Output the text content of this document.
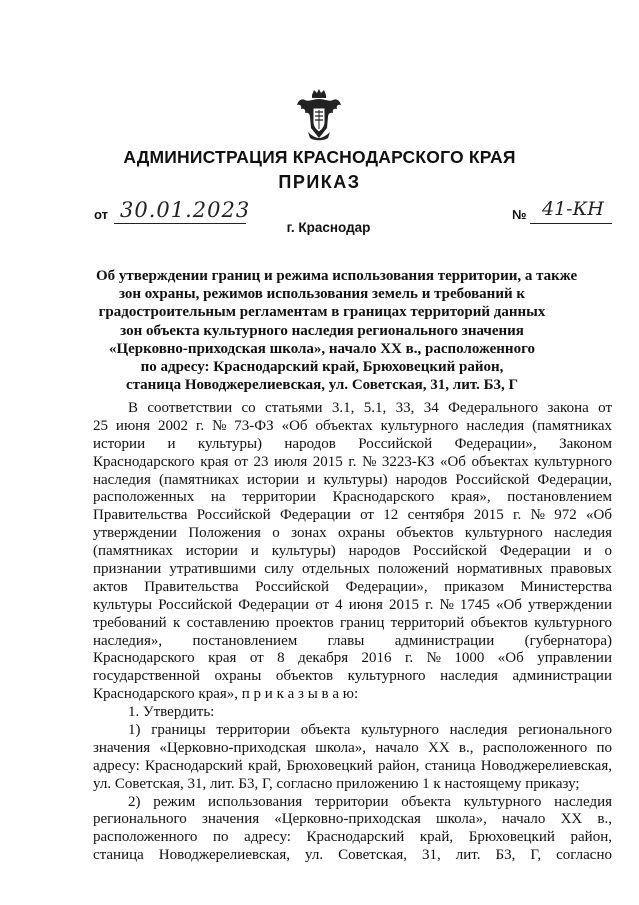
АДМИНИСТРАЦИЯ КРАСНОДАРСКОГО КРАЯ
ПРИКАЗ
от 30.01.2023	№ 41-КН
г. Краснодар
Об утверждении границ и режима использования территории, а также
зон охраны, режимов использования земель и требований к
градостроительным регламентам в границах территорий данных
зон объекта культурного наследия регионального значения
«Церковно-приходская школа», начало XX в., расположенного
по адресу: Краснодарский край, Брюховецкий район,
станица Новоджерелиевская, ул. Советская, 31, лит. Б3, Г
В соответствии со статьями 3.1, 5.1, 33, 34 Федерального закона от
25 июня 2002 г. № 73-ФЗ «Об объектах культурного наследия (памятниках
истории и культуры) народов Российской Федерации», Законом
Краснодарского края от 23 июля 2015 г. № 3223-КЗ «Об объектах культурного
наследия (памятниках истории и культуры) народов Российской Федерации,
расположенных на территории Краснодарского края», постановлением
Правительства Российской Федерации от 12 сентября 2015 г. № 972 «Об
утверждении Положения о зонах охраны объектов культурного наследия
(памятниках истории и культуры) народов Российской Федерации и о
признании утратившими силу отдельных положений нормативных правовых
актов Правительства Российской Федерации», приказом Министерства
культуры Российской Федерации от 4 июня 2015 г. № 1745 «Об утверждении
требований к составлению проектов границ территорий объектов культурного
наследия», постановлением главы администрации (губернатора)
Краснодарского края от 8 декабря 2016 г. № 1000 «Об управлении
государственной охраны объектов культурного наследия администрации
Краснодарского края», п р и к а з ы в а ю:
1. Утвердить:
1) границы территории объекта культурного наследия регионального
значения «Церковно-приходская школа», начало XX в., расположенного по
адресу: Краснодарский край, Брюховецкий район, станица Новоджерелиевская,
ул. Советская, 31, лит. Б3, Г, согласно приложению 1 к настоящему приказу;
2) режим использования территории объекта культурного наследия
регионального значения «Церковно-приходская школа», начало XX в.,
расположенного по адресу: Краснодарский край, Брюховецкий район,
станица Новоджерелиевская, ул. Советская, 31, лит. Б3, Г, согласно
